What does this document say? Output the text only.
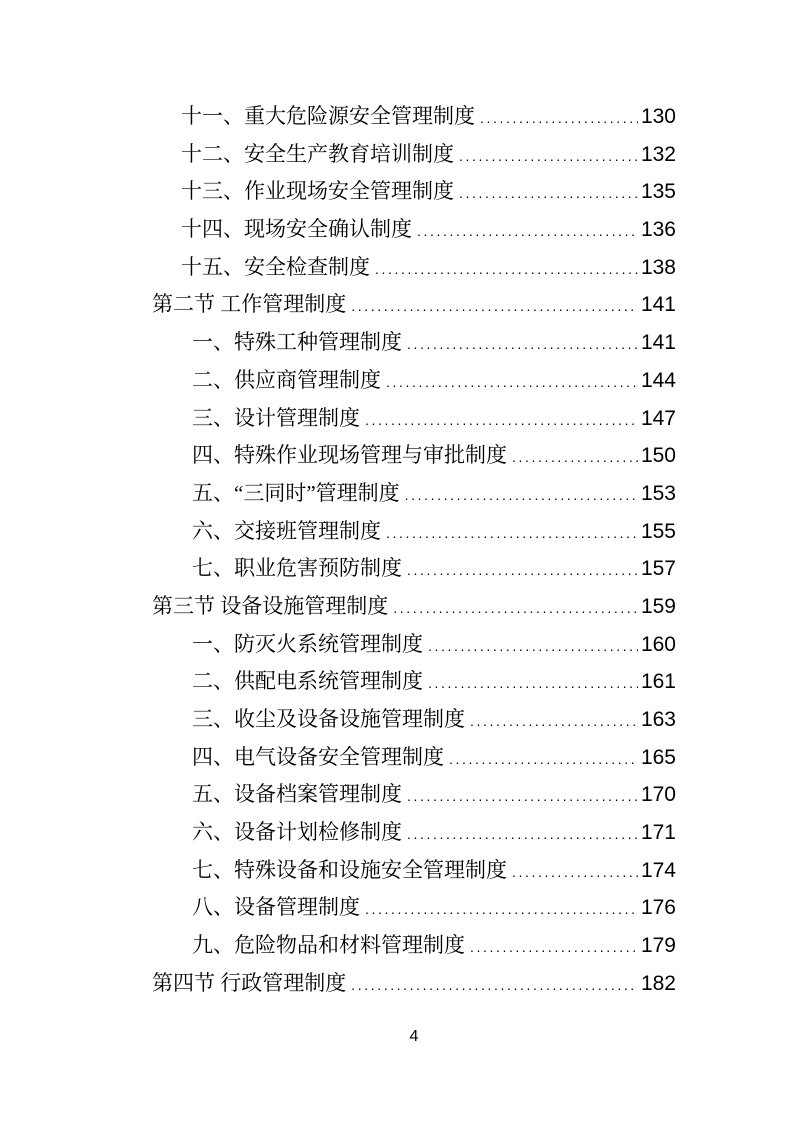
十一、重大危险源安全管理制度 .....	130
十二、安全生产教育培训制度 .....	132
十三、作业现场安全管理制度 .....	135
十四、现场安全确认制度 .....	136
十五、安全检查制度 .....	138
第二节 工作管理制度 .....	141
一、特殊工种管理制度 .....	141
二、供应商管理制度 .....	144
三、设计管理制度 .....	147
四、特殊作业现场管理与审批制度 .....	150
五、“三同时”管理制度 .....	153
六、交接班管理制度 .....	155
七、职业危害预防制度 .....	157
第三节 设备设施管理制度 .....	159
一、防灭火系统管理制度 .....	160
二、供配电系统管理制度 .....	161
三、收尘及设备设施管理制度 .....	163
四、电气设备安全管理制度 .....	165
五、设备档案管理制度 .....	170
六、设备计划检修制度 .....	171
七、特殊设备和设施安全管理制度 .....	174
八、设备管理制度 .....	176
九、危险物品和材料管理制度 .....	179
第四节 行政管理制度 .....	182
4
